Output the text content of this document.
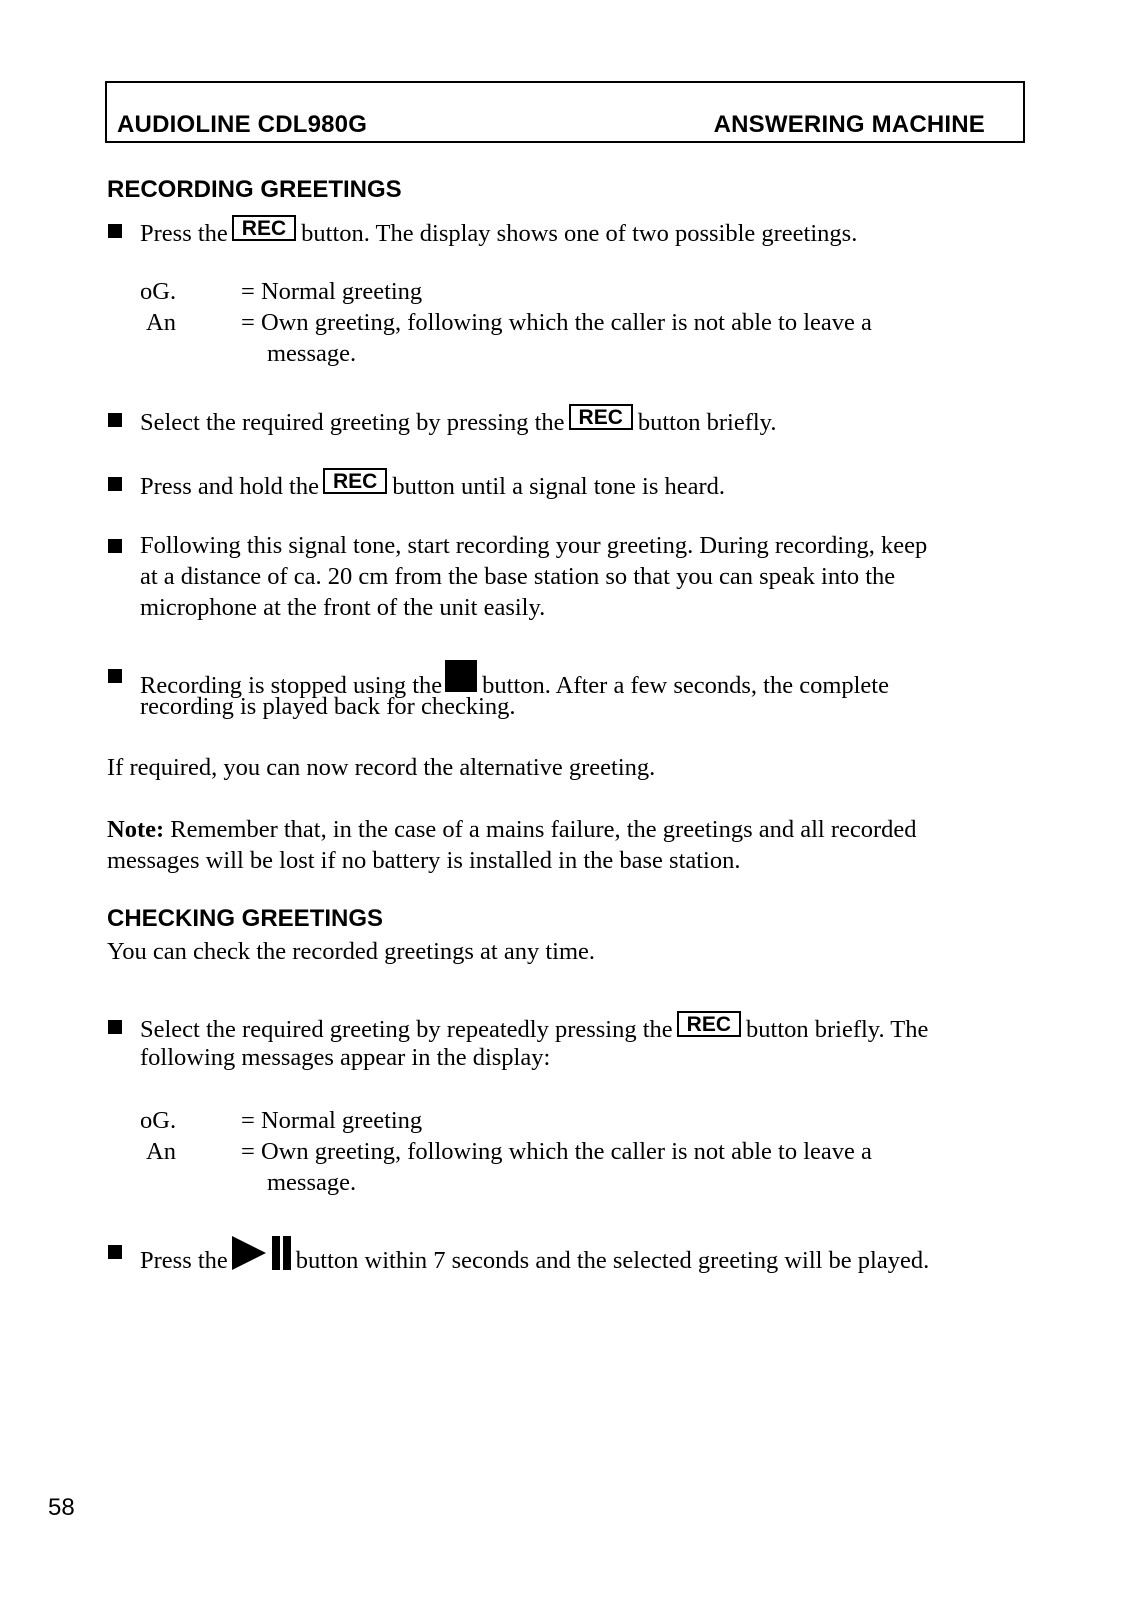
AUDIOLINE CDL980G	ANSWERING MACHINE
RECORDING GREETINGS
Press the REC button. The display shows one of two possible greetings.
oG.	= Normal greeting
An	= Own greeting, following which the caller is not able to leave a
message.
Select the required greeting by pressing the REC button briefly.
Press and hold the REC button until a signal tone is heard.
Following this signal tone, start recording your greeting. During recording, keep
at a distance of ca. 20 cm from the base station so that you can speak into the
microphone at the front of the unit easily.
Recording is stopped using the button. After a few seconds, the complete
recording is played back for checking.
If required, you can now record the alternative greeting.
Note: Remember that, in the case of a mains failure, the greetings and all recorded
messages will be lost if no battery is installed in the base station.
CHECKING GREETINGS
You can check the recorded greetings at any time.
Select the required greeting by repeatedly pressing the REC button briefly. The
following messages appear in the display:
oG.	= Normal greeting
An	= Own greeting, following which the caller is not able to leave a
message.
Press the	button within 7 seconds and the selected greeting will be played.
58
